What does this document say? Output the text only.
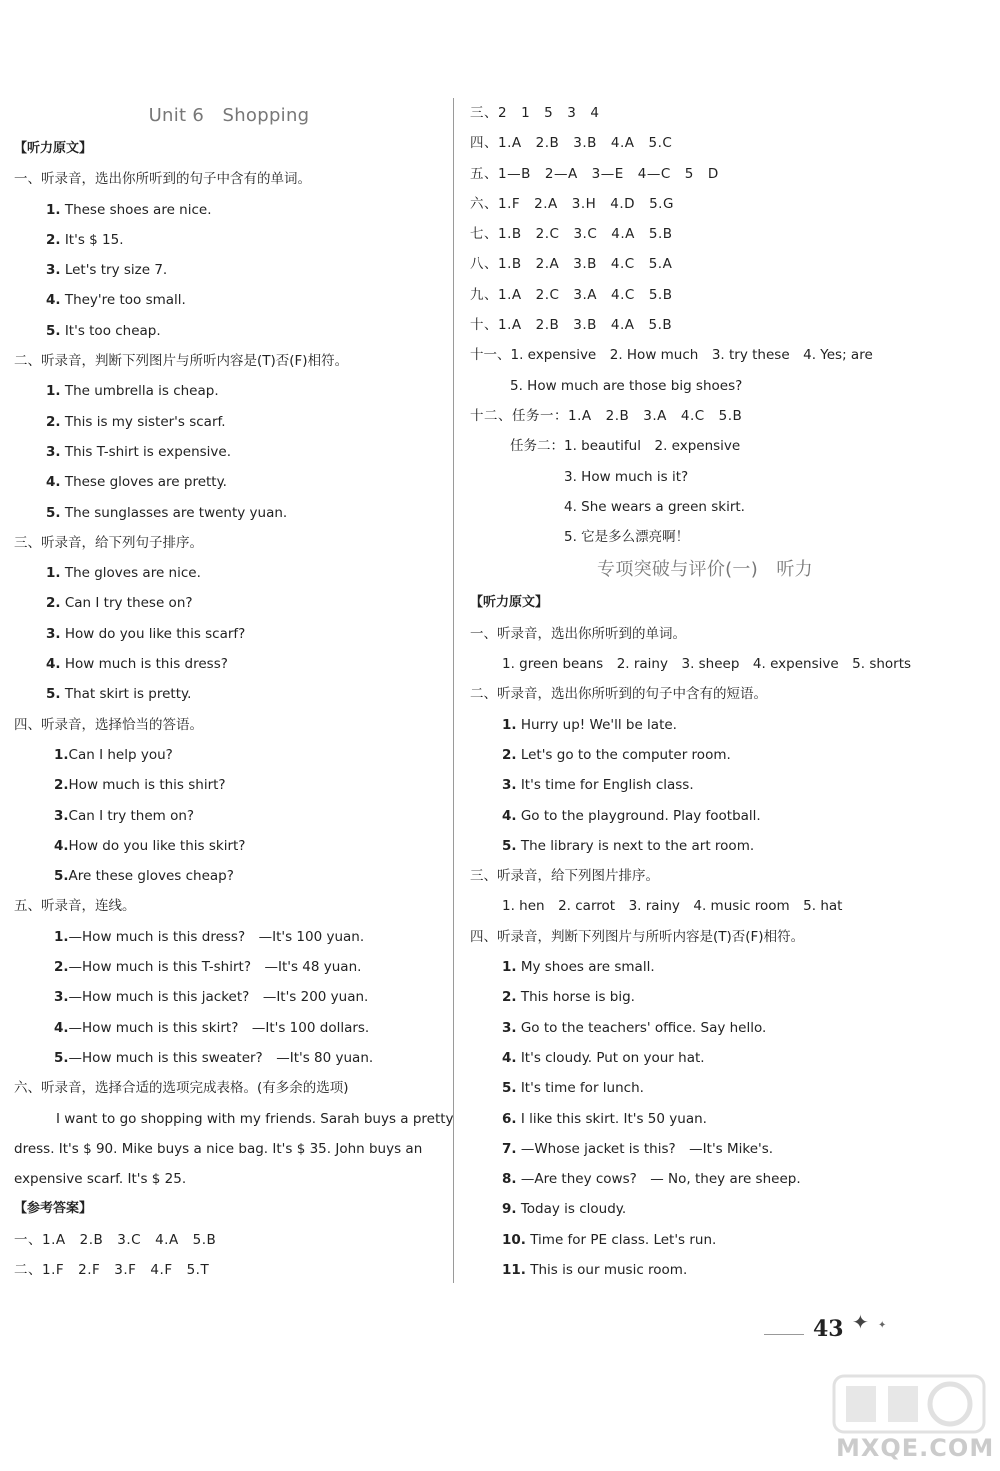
Unit 6　Shopping
【听力原文】
一、听录音，选出你所听到的句子中含有的单词。
1. These shoes are nice.
2. It's $ 15.
3. Let's try size 7.
4. They're too small.
5. It's too cheap.
二、听录音，判断下列图片与所听内容是(T)否(F)相符。
1. The umbrella is cheap.
2. This is my sister's scarf.
3. This T-shirt is expensive.
4. These gloves are pretty.
5. The sunglasses are twenty yuan.
三、听录音，给下列句子排序。
1. The gloves are nice.
2. Can I try these on?
3. How do you like this scarf?
4. How much is this dress?
5. That skirt is pretty.
四、听录音，选择恰当的答语。
1.Can I help you?
2.How much is this shirt?
3.Can I try them on?
4.How do you like this skirt?
5.Are these gloves cheap?
五、听录音，连线。
1.—How much is this dress?　 —It's 100 yuan.
2.—How much is this T-shirt?　 —It's 48 yuan.
3.—How much is this jacket?　 —It's 200 yuan.
4.—How much is this skirt?　 —It's 100 dollars.
5.—How much is this sweater?　 —It's 80 yuan.
六、听录音，选择合适的选项完成表格。(有多余的选项)
I want to go shopping with my friends. Sarah buys a pretty
dress. It's $ 90. Mike buys a nice bag. It's $ 35. John buys an
expensive scarf. It's $ 25.
【参考答案】
一、1.A　2.B　3.C　4.A　5.B
二、1.F　2.F　3.F　4.F　5.T
三、2　1　5　3　4
四、1.A　2.B　3.B　4.A　5.C
五、1—B　2—A　3—E　4—C　5　D
六、1.F　2.A　3.H　4.D　5.G
七、1.B　2.C　3.C　4.A　5.B
八、1.B　2.A　3.B　4.C　5.A
九、1.A　2.C　3.A　4.C　5.B
十、1.A　2.B　3.B　4.A　5.B
十一、1. expensive　2. How much　3. try these　4. Yes; are
5. How much are those big shoes?
十二、任务一：1.A　2.B　3.A　4.C　5.B
任务二：1. beautiful　2. expensive
3. How much is it?
4. She wears a green skirt.
5. 它是多么漂亮啊！
专项突破与评价(一)　听力
【听力原文】
一、听录音，选出你所听到的单词。
1. green beans　2. rainy　3. sheep　4. expensive　5. shorts
二、听录音，选出你所听到的句子中含有的短语。
1. Hurry up! We'll be late.
2. Let's go to the computer room.
3. It's time for English class.
4. Go to the playground. Play football.
5. The library is next to the art room.
三、听录音，给下列图片排序。
1. hen　2. carrot　3. rainy　4. music room　5. hat
四、听录音，判断下列图片与所听内容是(T)否(F)相符。
1. My shoes are small.
2. This horse is big.
3. Go to the teachers' office. Say hello.
4. It's cloudy. Put on your hat.
5. It's time for lunch.
6. I like this skirt. It's 50 yuan.
7. —Whose jacket is this?　—It's Mike's.
8. —Are they cows?　— No, they are sheep.
9. Today is cloudy.
10. Time for PE class. Let's run.
11. This is our music room.
43 ✦ ✦
MXQE.COM
